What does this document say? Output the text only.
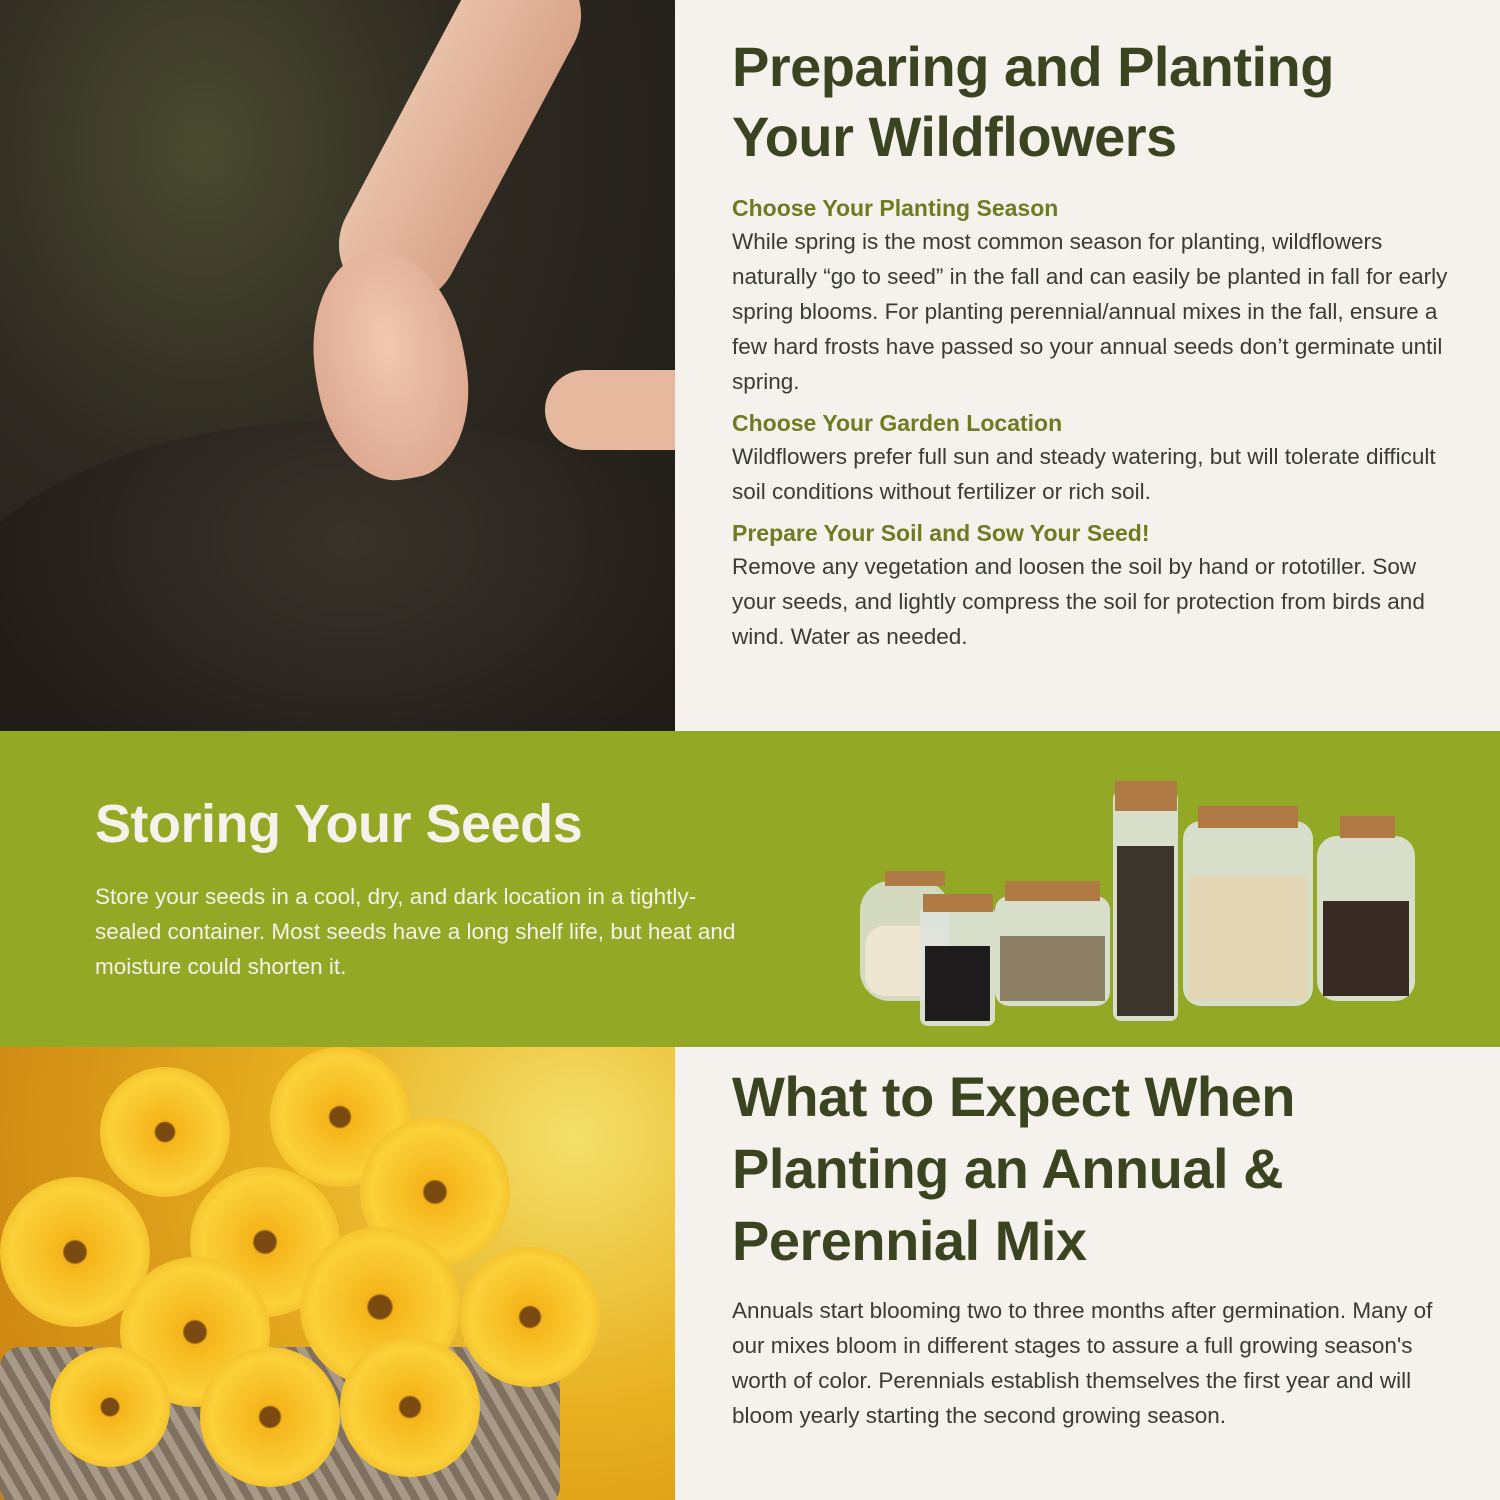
Preparing and Planting
Your Wildflowers
Choose Your Planting Season

While spring is the most common season for planting, wildflowers naturally “go to seed” in the fall and can easily be planted in fall for early spring blooms. For planting perennial/annual mixes in the fall, ensure a few hard frosts have passed so your annual seeds don’t germinate until spring.

Choose Your Garden Location

Wildflowers prefer full sun and steady watering, but will tolerate difficult soil conditions without fertilizer or rich soil.

Prepare Your Soil and Sow Your Seed!

Remove any vegetation and loosen the soil by hand or rototiller. Sow your seeds, and lightly compress the soil for protection from birds and wind. Water as needed.

Storing Your Seeds

Store your seeds in a cool, dry, and dark location in a tightly-sealed container. Most seeds have a long shelf life, but heat and moisture could shorten it.

What to Expect When
Planting an Annual &
Perennial Mix

Annuals start blooming two to three months after germination. Many of our mixes bloom in different stages to assure a full growing season's worth of color. Perennials establish themselves the first year and will bloom yearly starting the second growing season.
